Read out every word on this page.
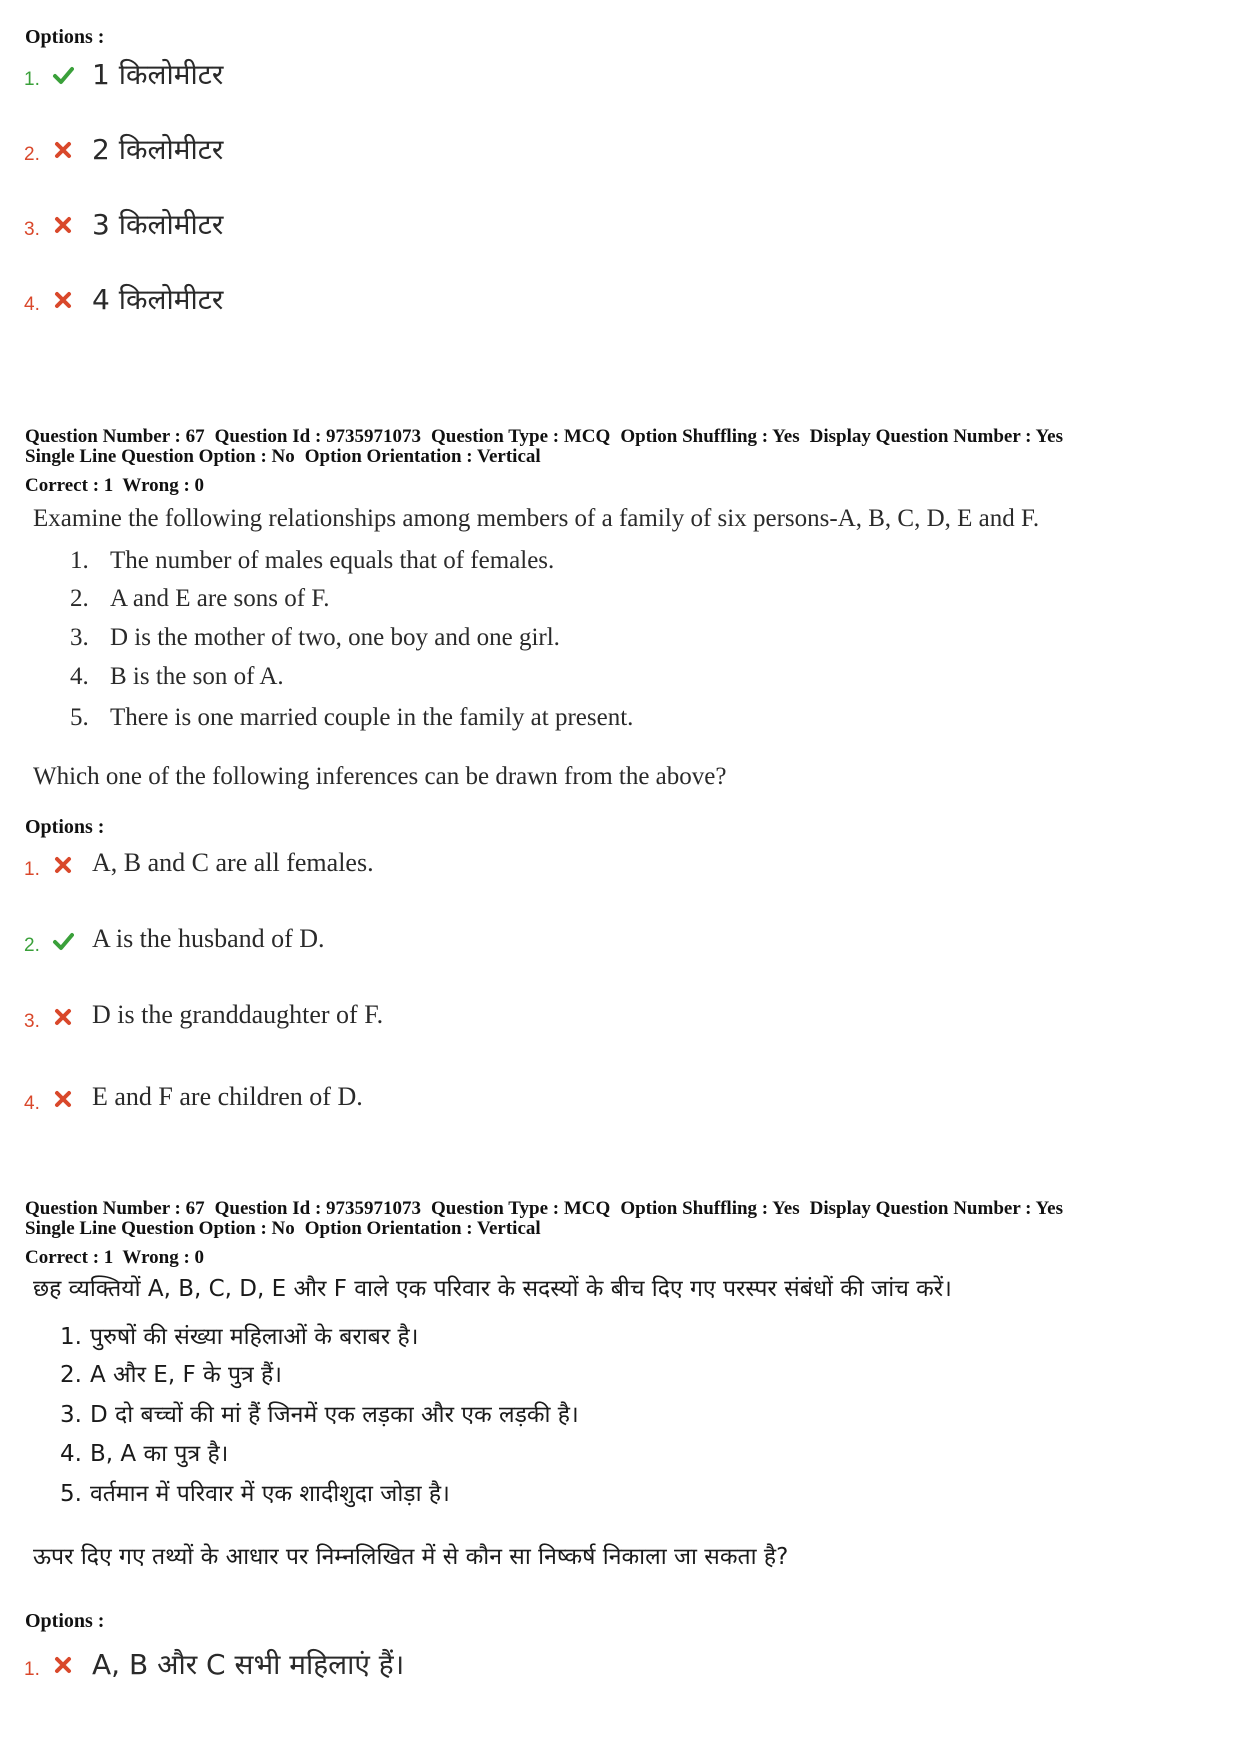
Options :
1. 1 किलोमीटर
2. 2 किलोमीटर
3. 3 किलोमीटर
4. 4 किलोमीटर
Question Number : 67 Question Id : 9735971073 Question Type : MCQ Option Shuffling : Yes Display Question Number : Yes
Single Line Question Option : No Option Orientation : Vertical
Correct : 1  Wrong : 0
Examine the following relationships among members of a family of six persons-A, B, C, D, E and F.
1. The number of males equals that of females.
2. A and E are sons of F.
3. D is the mother of two, one boy and one girl.
4. B is the son of A.
5. There is one married couple in the family at present.
Which one of the following inferences can be drawn from the above?
Options :
1. A, B and C are all females.
2. A is the husband of D.
3. D is the granddaughter of F.
4. E and F are children of D.
Question Number : 67 Question Id : 9735971073 Question Type : MCQ Option Shuffling : Yes Display Question Number : Yes
Single Line Question Option : No Option Orientation : Vertical
Correct : 1  Wrong : 0
छह व्यक्तियों A, B, C, D, E और F वाले एक परिवार के सदस्यों के बीच दिए गए परस्पर संबंधों की जांच करें।
1. पुरुषों की संख्या महिलाओं के बराबर है।
2. A और E, F के पुत्र हैं।
3. D दो बच्चों की मां हैं जिनमें एक लड़का और एक लड़की है।
4. B, A का पुत्र है।
5. वर्तमान में परिवार में एक शादीशुदा जोड़ा है।
ऊपर दिए गए तथ्यों के आधार पर निम्नलिखित में से कौन सा निष्कर्ष निकाला जा सकता है?
Options :
1. A, B और C सभी महिलाएं हैं।
